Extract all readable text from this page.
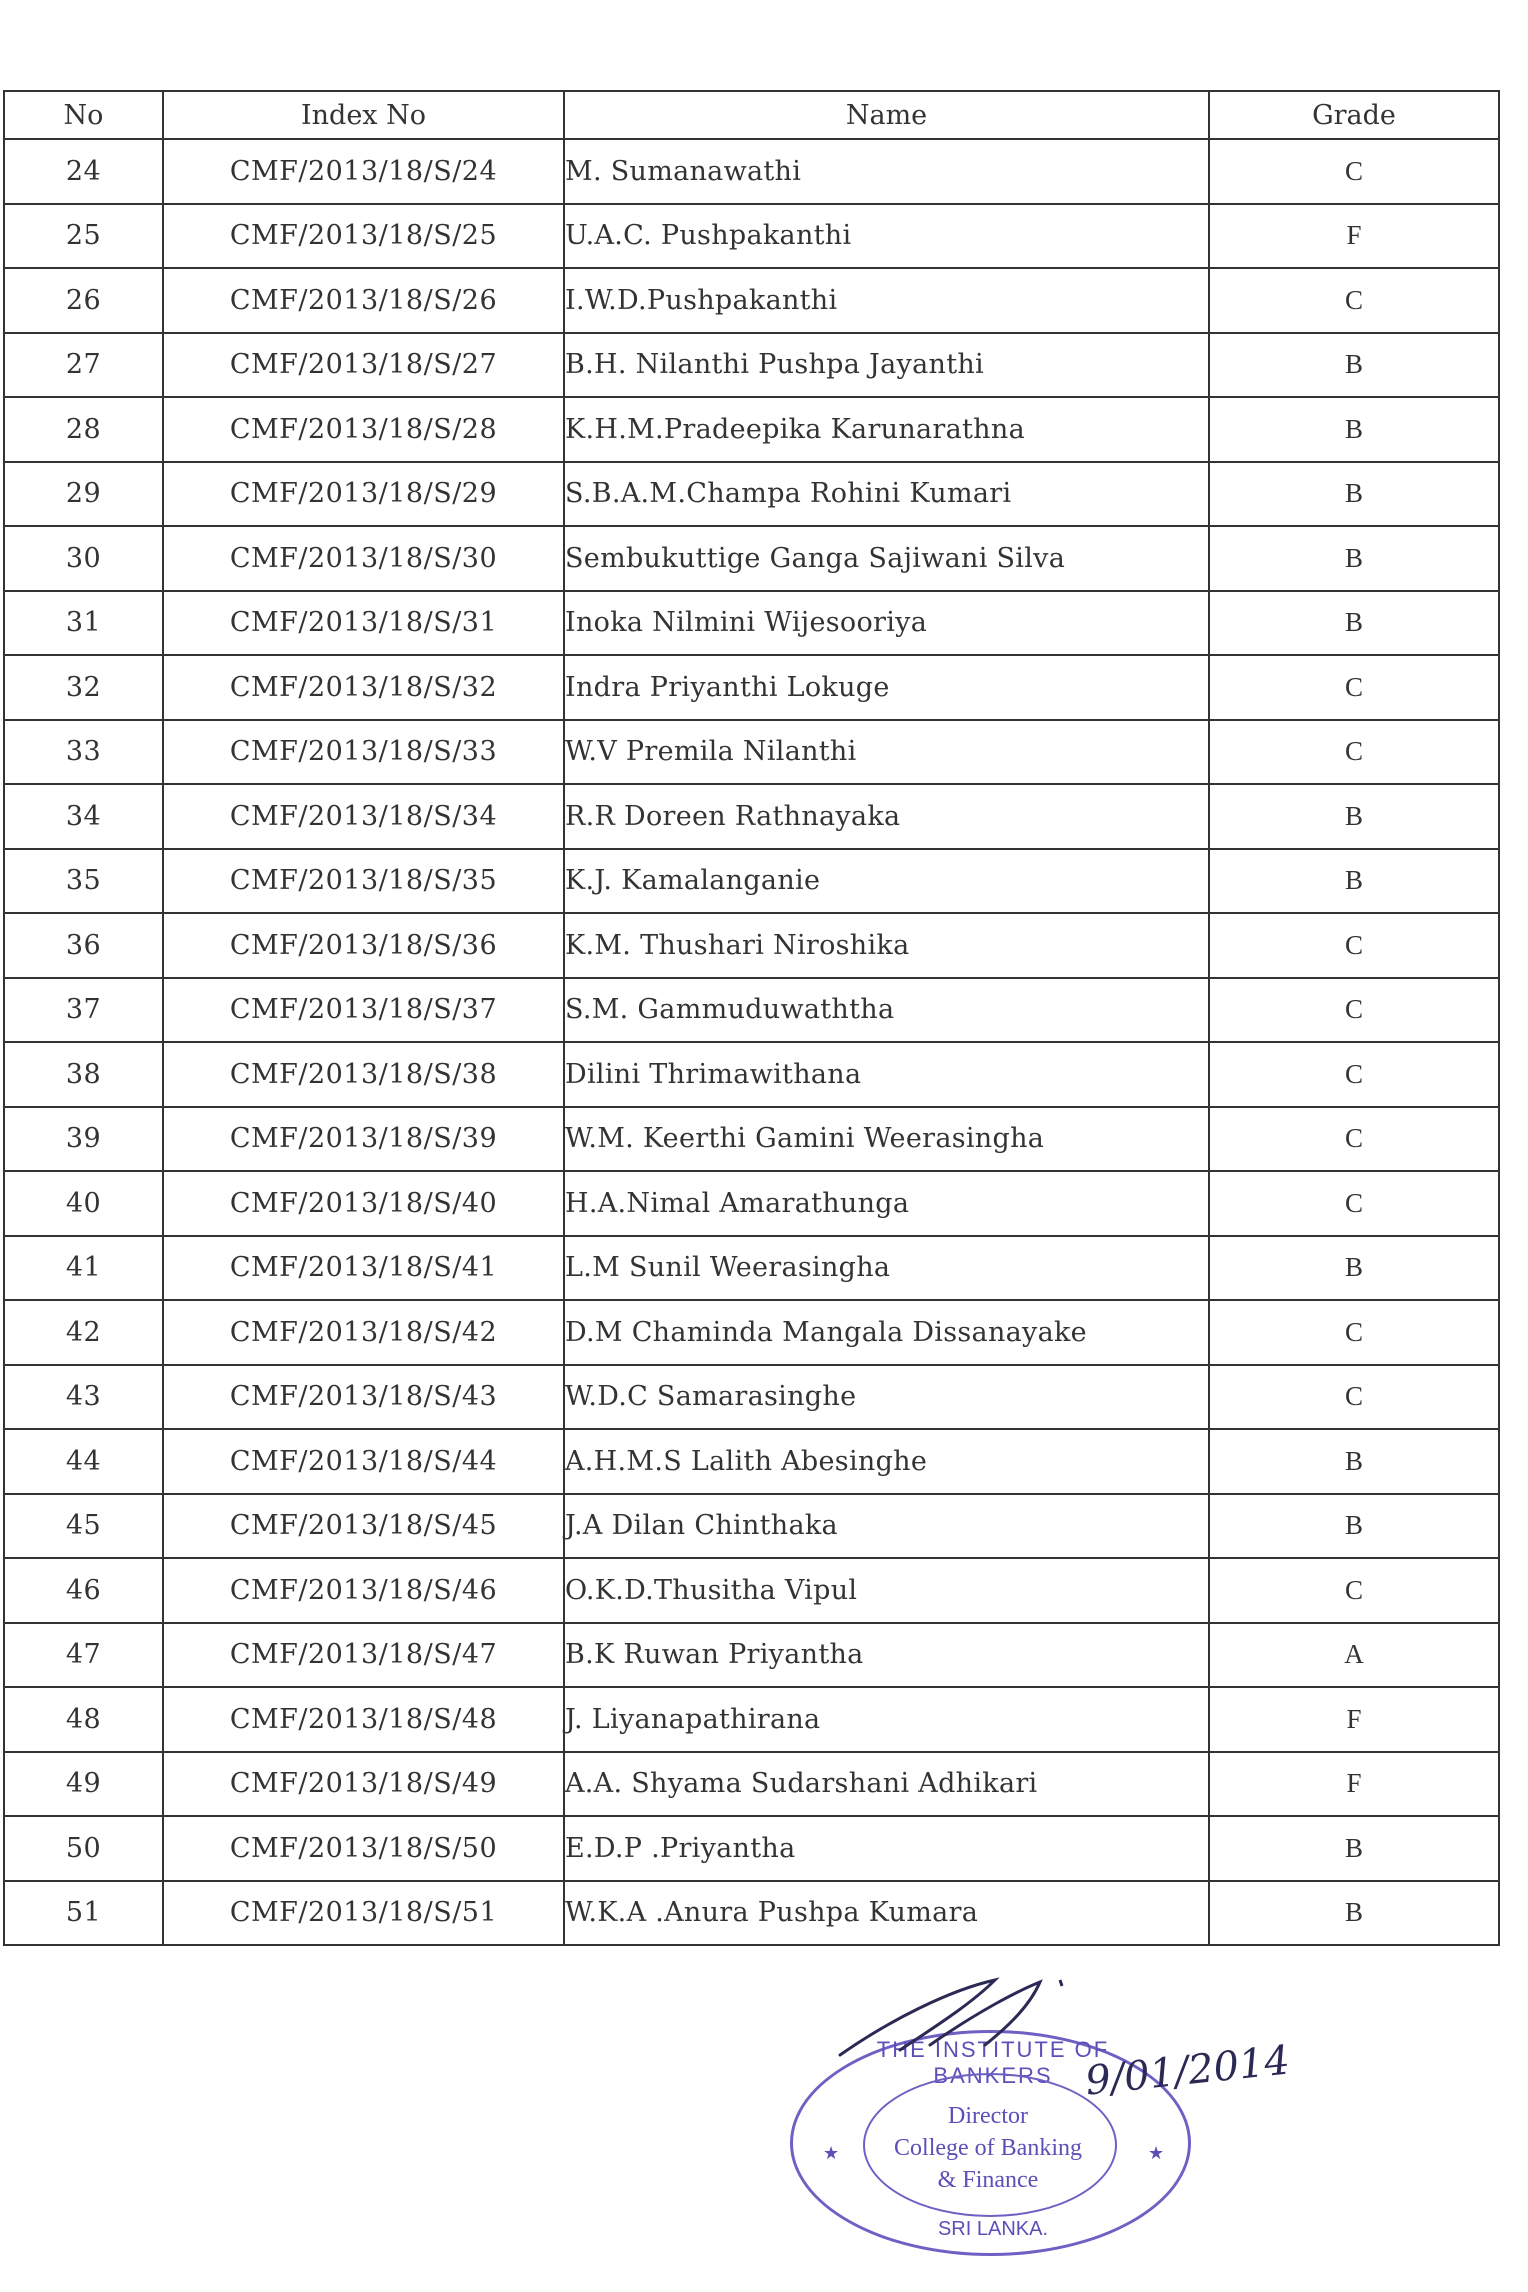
No	Index No	Name	Grade
24	CMF/2013/18/S/24	M. Sumanawathi	C
25	CMF/2013/18/S/25	U.A.C. Pushpakanthi	F
26	CMF/2013/18/S/26	I.W.D.Pushpakanthi	C
27	CMF/2013/18/S/27	B.H. Nilanthi Pushpa Jayanthi	B
28	CMF/2013/18/S/28	K.H.M.Pradeepika Karunarathna	B
29	CMF/2013/18/S/29	S.B.A.M.Champa Rohini Kumari	B
30	CMF/2013/18/S/30	Sembukuttige Ganga Sajiwani Silva	B
31	CMF/2013/18/S/31	Inoka Nilmini Wijesooriya	B
32	CMF/2013/18/S/32	Indra Priyanthi Lokuge	C
33	CMF/2013/18/S/33	W.V Premila Nilanthi	C
34	CMF/2013/18/S/34	R.R Doreen Rathnayaka	B
35	CMF/2013/18/S/35	K.J. Kamalanganie	B
36	CMF/2013/18/S/36	K.M. Thushari Niroshika	C
37	CMF/2013/18/S/37	S.M. Gammuduwaththa	C
38	CMF/2013/18/S/38	Dilini Thrimawithana	C
39	CMF/2013/18/S/39	W.M. Keerthi Gamini Weerasingha	C
40	CMF/2013/18/S/40	H.A.Nimal Amarathunga	C
41	CMF/2013/18/S/41	L.M Sunil Weerasingha	B
42	CMF/2013/18/S/42	D.M Chaminda Mangala Dissanayake	C
43	CMF/2013/18/S/43	W.D.C Samarasinghe	C
44	CMF/2013/18/S/44	A.H.M.S Lalith Abesinghe	B
45	CMF/2013/18/S/45	J.A Dilan Chinthaka	B
46	CMF/2013/18/S/46	O.K.D.Thusitha Vipul	C
47	CMF/2013/18/S/47	B.K Ruwan Priyantha	A
48	CMF/2013/18/S/48	J. Liyanapathirana	F
49	CMF/2013/18/S/49	A.A. Shyama Sudarshani Adhikari	F
50	CMF/2013/18/S/50	E.D.P .Priyantha	B
51	CMF/2013/18/S/51	W.K.A .Anura Pushpa Kumara	B
THE INSTITUTE OF BANKERS
Director
College of Banking
& Finance
★	★
SRI LANKA.
9/01/2014
